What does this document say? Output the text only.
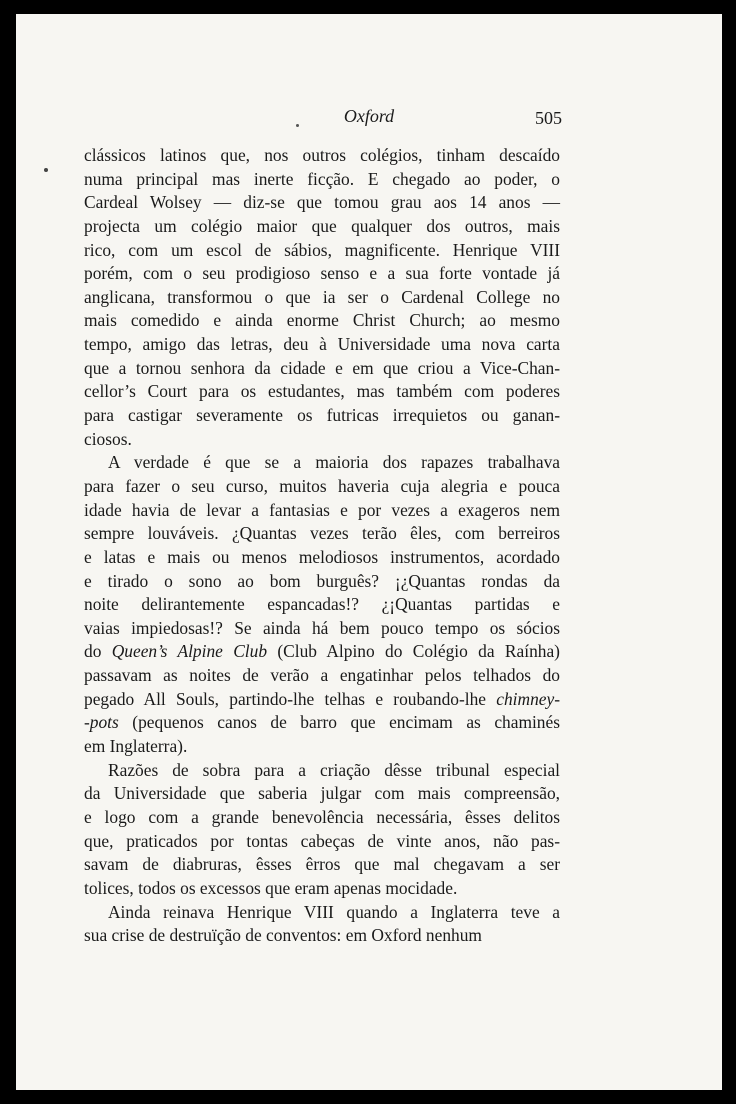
Oxford	505
clássicos latinos que, nos outros colégios, tinham descaído
numa principal mas inerte ficção. E chegado ao poder, o
Cardeal Wolsey — diz-se que tomou grau aos 14 anos —
projecta um colégio maior que qualquer dos outros, mais
rico, com um escol de sábios, magnificente. Henrique VIII
porém, com o seu prodigioso senso e a sua forte vontade já
anglicana, transformou o que ia ser o Cardenal College no
mais comedido e ainda enorme Christ Church; ao mesmo
tempo, amigo das letras, deu à Universidade uma nova carta
que a tornou senhora da cidade e em que criou a Vice-Chan-
cellor’s Court para os estudantes, mas também com poderes
para castigar severamente os futricas irrequietos ou ganan-
ciosos.
A verdade é que se a maioria dos rapazes trabalhava
para fazer o seu curso, muitos haveria cuja alegria e pouca
idade havia de levar a fantasias e por vezes a exageros nem
sempre louváveis. ¿Quantas vezes terão êles, com berreiros
e latas e mais ou menos melodiosos instrumentos, acordado
e tirado o sono ao bom burguês? ¡¿Quantas rondas da
noite delirantemente espancadas!? ¿¡Quantas partidas e
vaias impiedosas!? Se ainda há bem pouco tempo os sócios
do Queen’s Alpine Club (Club Alpino do Colégio da Raínha)
passavam as noites de verão a engatinhar pelos telhados do
pegado All Souls, partindo-lhe telhas e roubando-lhe chimney-
-pots (pequenos canos de barro que encimam as chaminés
em Inglaterra).
Razões de sobra para a criação dêsse tribunal especial
da Universidade que saberia julgar com mais compreensão,
e logo com a grande benevolência necessária, êsses delitos
que, praticados por tontas cabeças de vinte anos, não pas-
savam de diabruras, êsses êrros que mal chegavam a ser
tolices, todos os excessos que eram apenas mocidade.
Ainda reinava Henrique VIII quando a Inglaterra teve a
sua crise de destruïção de conventos: em Oxford nenhum
